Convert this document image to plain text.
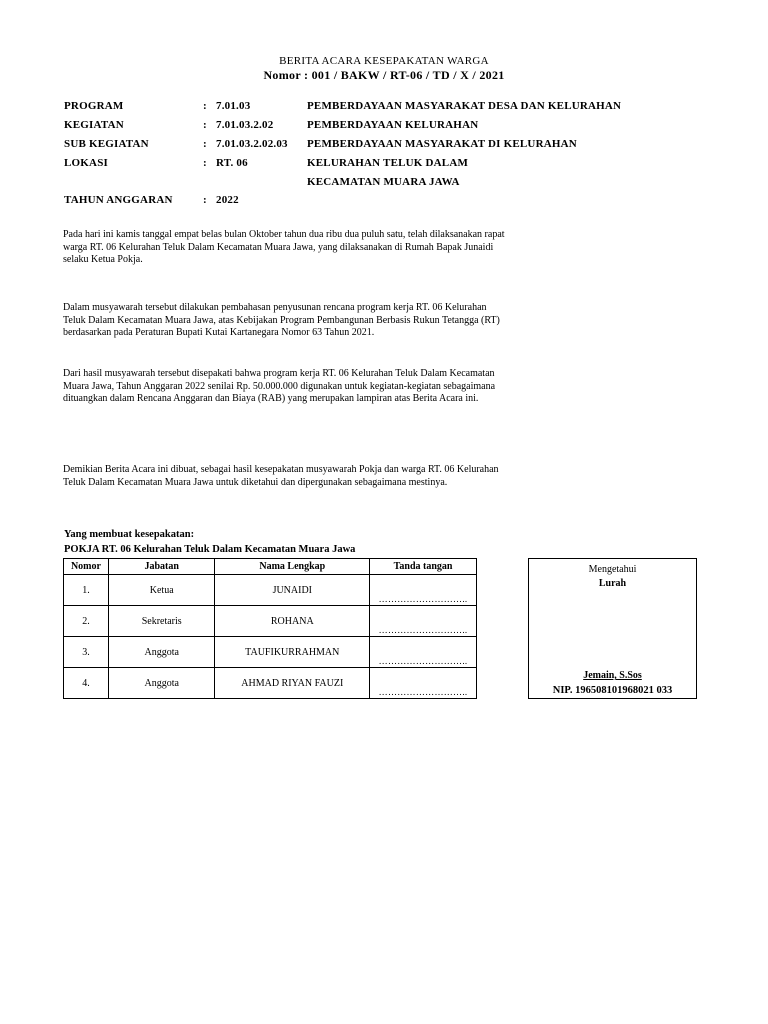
BERITA ACARA KESEPAKATAN WARGA
Nomor : 001 / BAKW / RT-06 / TD / X / 2021
PROGRAM	: 7.01.03	PEMBERDAYAAN MASYARAKAT DESA DAN KELURAHAN
KEGIATAN	: 7.01.03.2.02	PEMBERDAYAAN KELURAHAN
SUB KEGIATAN	: 7.01.03.2.02.03 PEMBERDAYAAN MASYARAKAT DI KELURAHAN
LOKASI	: RT. 06	KELURAHAN TELUK DALAM
KECAMATAN MUARA JAWA
TAHUN ANGGARAN	: 2022
Pada hari ini kamis tanggal empat belas bulan Oktober tahun dua ribu dua puluh satu, telah dilaksanakan rapat
warga RT. 06 Kelurahan Teluk Dalam Kecamatan Muara Jawa, yang dilaksanakan di Rumah Bapak Junaidi
selaku Ketua Pokja.
Dalam musyawarah tersebut dilakukan pembahasan penyusunan rencana program kerja RT. 06 Kelurahan
Teluk Dalam Kecamatan Muara Jawa, atas Kebijakan Program Pembangunan Berbasis Rukun Tetangga (RT)
berdasarkan pada Peraturan Bupati Kutai Kartanegara Nomor 63 Tahun 2021.
Dari hasil musyawarah tersebut disepakati bahwa program kerja RT. 06 Kelurahan Teluk Dalam Kecamatan
Muara Jawa, Tahun Anggaran 2022 senilai Rp. 50.000.000 digunakan untuk kegiatan-kegiatan sebagaimana
dituangkan dalam Rencana Anggaran dan Biaya (RAB) yang merupakan lampiran atas Berita Acara ini.
Demikian Berita Acara ini dibuat, sebagai hasil kesepakatan musyawarah Pokja dan warga RT. 06 Kelurahan
Teluk Dalam Kecamatan Muara Jawa untuk diketahui dan dipergunakan sebagaimana mestinya.
Yang membuat kesepakatan:
POKJA RT. 06 Kelurahan Teluk Dalam Kecamatan Muara Jawa
Nomor	Jabatan	Nama Lengkap	Tanda tangan
1.	Ketua	JUNAIDI	………………………..
2.	Sekretaris	ROHANA	………………………..
3.	Anggota	TAUFIKURRAHMAN	………………………..
4.	Anggota	AHMAD RIYAN FAUZI	………………………..
Mengetahui
Lurah
Jemain, S.Sos
NIP. 196508101968021 033
